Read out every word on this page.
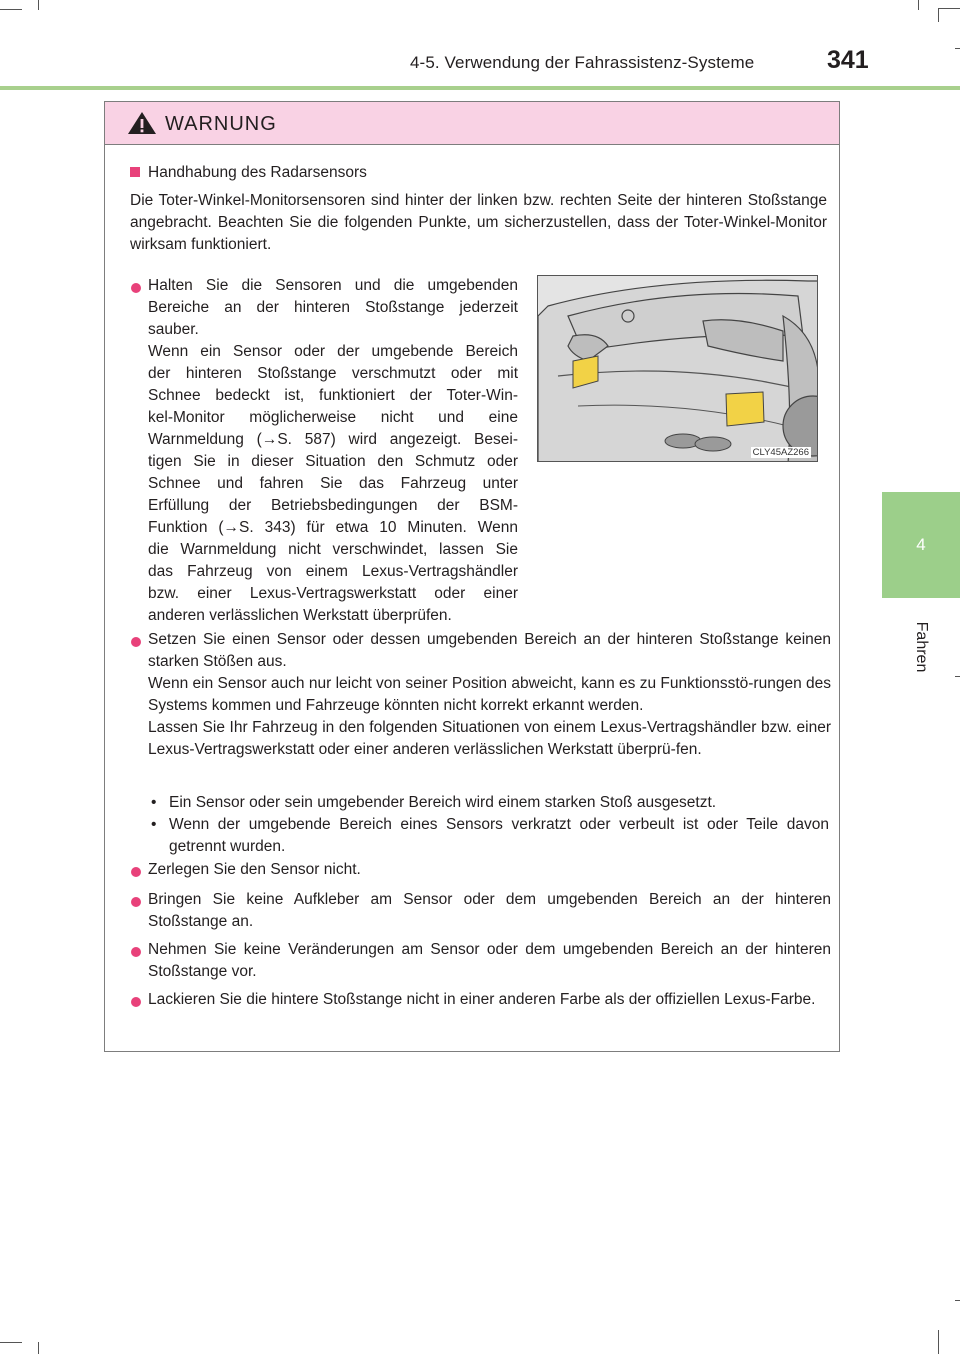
4-5. Verwendung der Fahrassistenz-Systeme	341
4
Fahren
WARNUNG
Handhabung des Radarsensors
Die Toter-Winkel-Monitorsensoren sind hinter der linken bzw. rechten Seite der hinteren Stoßstange angebracht. Beachten Sie die folgenden Punkte, um sicherzustellen, dass der Toter-Winkel-Monitor wirksam funktioniert.
Halten Sie die Sensoren und die umgebenden
Bereiche an der hinteren Stoßstange jederzeit
sauber.
Wenn ein Sensor oder der umgebende Bereich
der hinteren Stoßstange verschmutzt oder mit
Schnee bedeckt ist, funktioniert der Toter-Win-
kel-Monitor möglicherweise nicht und eine
Warnmeldung (→S. 587) wird angezeigt. Besei-
tigen Sie in dieser Situation den Schmutz oder
Schnee und fahren Sie das Fahrzeug unter
Erfüllung der Betriebsbedingungen der BSM-
Funktion (→S. 343) für etwa 10 Minuten. Wenn
die Warnmeldung nicht verschwindet, lassen Sie
das Fahrzeug von einem Lexus-Vertragshändler
bzw. einer Lexus-Vertragswerkstatt oder einer
anderen verlässlichen Werkstatt überprüfen.
CLY45AZ266
Setzen Sie einen Sensor oder dessen umgebenden Bereich an der hinteren Stoßstange keinen starken Stößen aus.
Wenn ein Sensor auch nur leicht von seiner Position abweicht, kann es zu Funktionsstö-rungen des Systems kommen und Fahrzeuge könnten nicht korrekt erkannt werden.
Lassen Sie Ihr Fahrzeug in den folgenden Situationen von einem Lexus-Vertragshändler bzw. einer Lexus-Vertragswerkstatt oder einer anderen verlässlichen Werkstatt überprü-fen.
• Ein Sensor oder sein umgebender Bereich wird einem starken Stoß ausgesetzt.
• Wenn der umgebende Bereich eines Sensors verkratzt oder verbeult ist oder Teile davon getrennt wurden.
Zerlegen Sie den Sensor nicht.
Bringen Sie keine Aufkleber am Sensor oder dem umgebenden Bereich an der hinteren Stoßstange an.
Nehmen Sie keine Veränderungen am Sensor oder dem umgebenden Bereich an der hinteren Stoßstange vor.
Lackieren Sie die hintere Stoßstange nicht in einer anderen Farbe als der offiziellen Lexus-Farbe.
